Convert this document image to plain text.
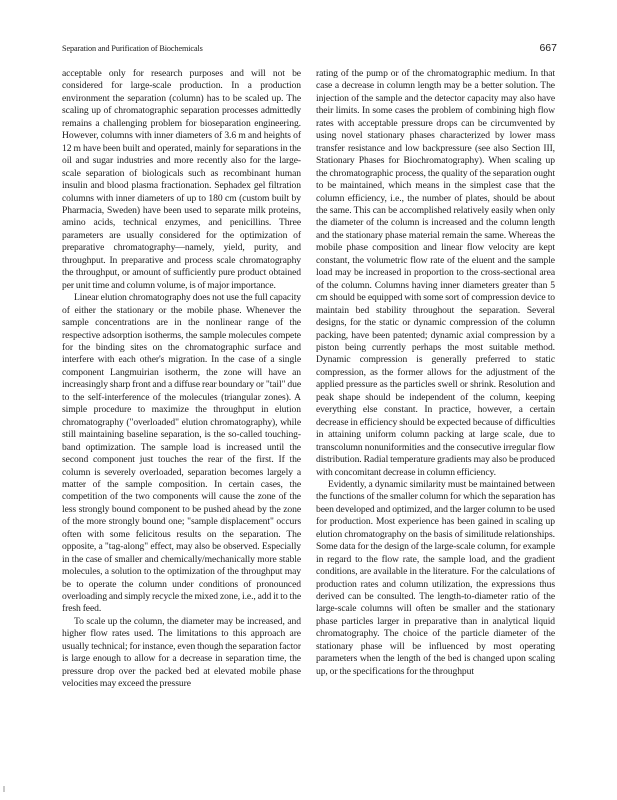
Separation and Purification of Biochemicals	667

acceptable only for research purposes and will not be considered for large-scale production. In a production environment the separation (column) has to be scaled up. The scaling up of chromatographic separation processes admittedly remains a challenging problem for bioseparation engineering. However, columns with inner diameters of 3.6 m and heights of 12 m have been built and operated, mainly for separations in the oil and sugar industries and more recently also for the large-scale separation of biologicals such as recombinant human insulin and blood plasma fractionation. Sephadex gel filtration columns with inner diameters of up to 180 cm (custom built by Pharmacia, Sweden) have been used to separate milk proteins, amino acids, technical enzymes, and penicillins. Three parameters are usually considered for the optimization of preparative chromatography—namely, yield, purity, and throughput. In preparative and process scale chromatography the throughput, or amount of sufficiently pure product obtained per unit time and column volume, is of major importance.

Linear elution chromatography does not use the full capacity of either the stationary or the mobile phase. Whenever the sample concentrations are in the nonlinear range of the respective adsorption isotherms, the sample molecules compete for the binding sites on the chromatographic surface and interfere with each other's migration. In the case of a single component Langmuirian isotherm, the zone will have an increasingly sharp front and a diffuse rear boundary or "tail" due to the self-interference of the molecules (triangular zones). A simple procedure to maximize the throughput in elution chromatography ("overloaded" elution chromatography), while still maintaining baseline separation, is the so-called touching-band optimization. The sample load is increased until the second component just touches the rear of the first. If the column is severely overloaded, separation becomes largely a matter of the sample composition. In certain cases, the competition of the two components will cause the zone of the less strongly bound component to be pushed ahead by the zone of the more strongly bound one; "sample displacement" occurs often with some felicitous results on the separation. The opposite, a "tag-along" effect, may also be observed. Especially in the case of smaller and chemically/mechanically more stable molecules, a solution to the optimization of the throughput may be to operate the column under conditions of pronounced overloading and simply recycle the mixed zone, i.e., add it to the fresh feed.

To scale up the column, the diameter may be increased, and higher flow rates used. The limitations to this approach are usually technical; for instance, even though the separation factor is large enough to allow for a decrease in separation time, the pressure drop over the packed bed at elevated mobile phase velocities may exceed the pressure

rating of the pump or of the chromatographic medium. In that case a decrease in column length may be a better solution. The injection of the sample and the detector capacity may also have their limits. In some cases the problem of combining high flow rates with acceptable pressure drops can be circumvented by using novel stationary phases characterized by lower mass transfer resistance and low backpressure (see also Section III, Stationary Phases for Biochromatography). When scaling up the chromatographic process, the quality of the separation ought to be maintained, which means in the simplest case that the column efficiency, i.e., the number of plates, should be about the same. This can be accomplished relatively easily when only the diameter of the column is increased and the column length and the stationary phase material remain the same. Whereas the mobile phase composition and linear flow velocity are kept constant, the volumetric flow rate of the eluent and the sample load may be increased in proportion to the cross-sectional area of the column. Columns having inner diameters greater than 5 cm should be equipped with some sort of compression device to maintain bed stability throughout the separation. Several designs, for the static or dynamic compression of the column packing, have been patented; dynamic axial compression by a piston being currently perhaps the most suitable method. Dynamic compression is generally preferred to static compression, as the former allows for the adjustment of the applied pressure as the particles swell or shrink. Resolution and peak shape should be independent of the column, keeping everything else constant. In practice, however, a certain decrease in efficiency should be expected because of difficulties in attaining uniform column packing at large scale, due to transcolumn nonuniformities and the consecutive irregular flow distribution. Radial temperature gradients may also be produced with concomitant decrease in column efficiency.

Evidently, a dynamic similarity must be maintained between the functions of the smaller column for which the separation has been developed and optimized, and the larger column to be used for production. Most experience has been gained in scaling up elution chromatography on the basis of similitude relationships. Some data for the design of the large-scale column, for example in regard to the flow rate, the sample load, and the gradient conditions, are available in the literature. For the calculations of production rates and column utilization, the expressions thus derived can be consulted. The length-to-diameter ratio of the large-scale columns will often be smaller and the stationary phase particles larger in preparative than in analytical liquid chromatography. The choice of the particle diameter of the stationary phase will be influenced by most operating parameters when the length of the bed is changed upon scaling up, or the specifications for the throughput
